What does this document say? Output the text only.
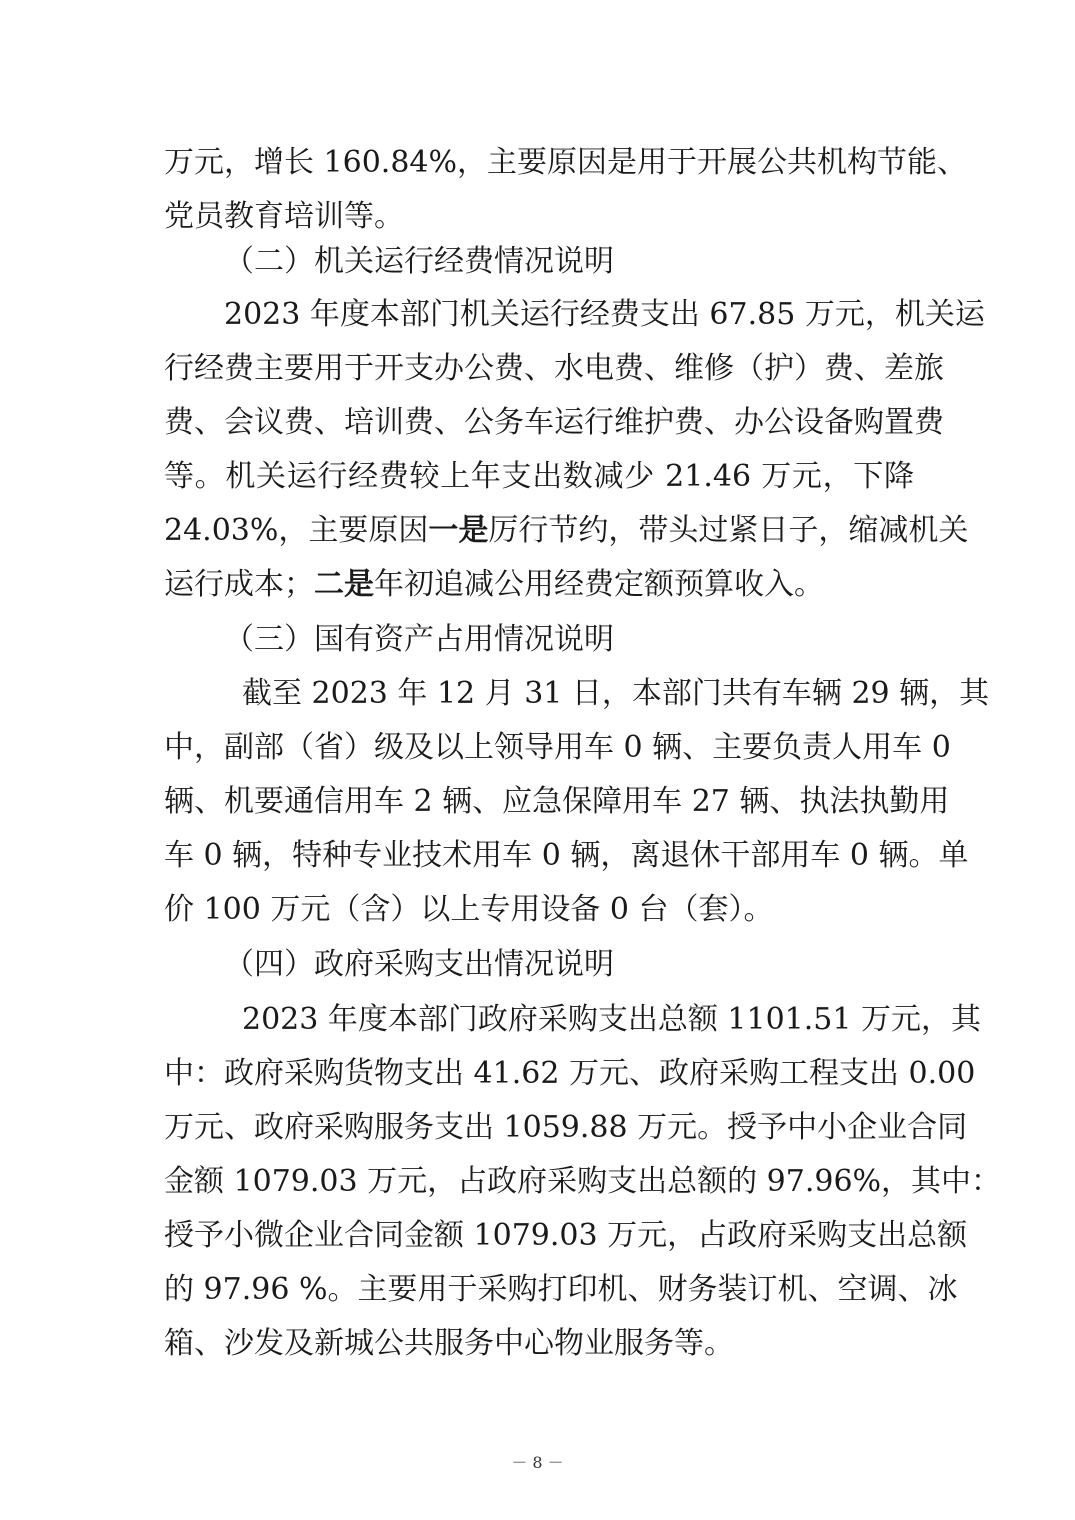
万元，增长 160.84%，主要原因是用于开展公共机构节能、
党员教育培训等。
（二）机关运行经费情况说明
2023 年度本部门机关运行经费支出 67.85 万元，机关运
行经费主要用于开支办公费、水电费、维修（护）费、差旅
费、会议费、培训费、公务车运行维护费、办公设备购置费
等。机关运行经费较上年支出数减少 21.46 万元，下降
24.03%，主要原因一是厉行节约，带头过紧日子，缩减机关
运行成本；二是年初追减公用经费定额预算收入。
（三）国有资产占用情况说明
截至 2023 年 12 月 31 日，本部门共有车辆 29 辆，其
中，副部（省）级及以上领导用车 0 辆、主要负责人用车 0
辆、机要通信用车 2 辆、应急保障用车 27 辆、执法执勤用
车 0 辆，特种专业技术用车 0 辆，离退休干部用车 0 辆。单
价 100 万元（含）以上专用设备 0 台（套）。
（四）政府采购支出情况说明
2023 年度本部门政府采购支出总额 1101.51 万元，其
中：政府采购货物支出 41.62 万元、政府采购工程支出 0.00
万元、政府采购服务支出 1059.88 万元。授予中小企业合同
金额 1079.03 万元，占政府采购支出总额的 97.96%，其中：
授予小微企业合同金额 1079.03 万元，占政府采购支出总额
的 97.96 %。主要用于采购打印机、财务装订机、空调、冰
箱、沙发及新城公共服务中心物业服务等。
－ 8 －
